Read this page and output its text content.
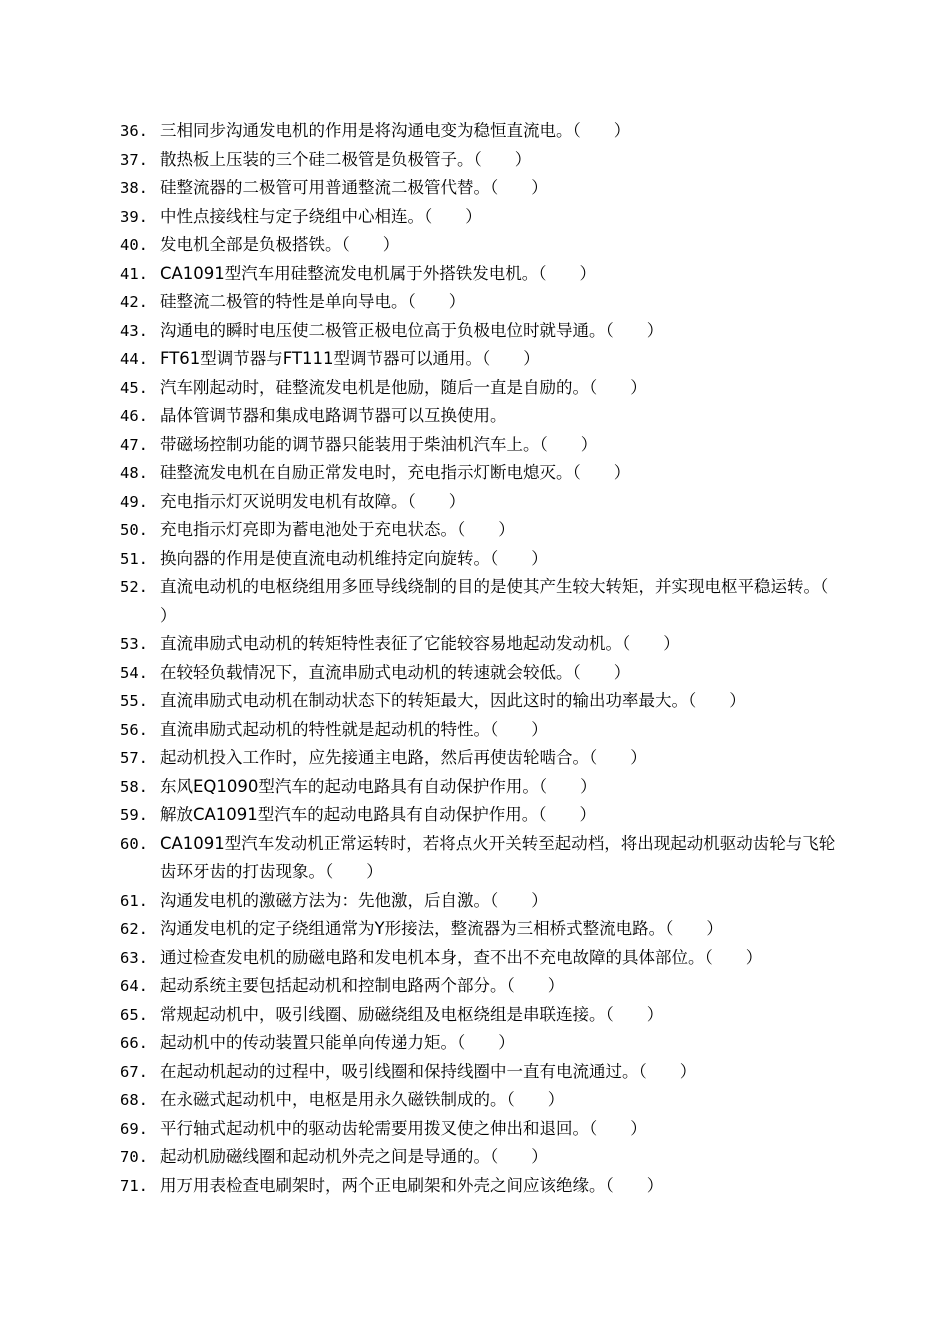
36. 三相同步沟通发电机的作用是将沟通电变为稳恒直流电。（　　）
37. 散热板上压装的三个硅二极管是负极管子。（　　）
38. 硅整流器的二极管可用普通整流二极管代替。（　　）
39. 中性点接线柱与定子绕组中心相连。（　　）
40. 发电机全部是负极搭铁。（　　）
41. CA1091型汽车用硅整流发电机属于外搭铁发电机。（　　）
42. 硅整流二极管的特性是单向导电。（　　）
43. 沟通电的瞬时电压使二极管正极电位高于负极电位时就导通。（　　）
44. FT61型调节器与FT111型调节器可以通用。（　　）
45. 汽车刚起动时，硅整流发电机是他励，随后一直是自励的。（　　）
46. 晶体管调节器和集成电路调节器可以互换使用。
47. 带磁场控制功能的调节器只能装用于柴油机汽车上。（　　）
48. 硅整流发电机在自励正常发电时，充电指示灯断电熄灭。（　　）
49. 充电指示灯灭说明发电机有故障。（　　）
50. 充电指示灯亮即为蓄电池处于充电状态。（　　）
51. 换向器的作用是使直流电动机维持定向旋转。（　　）
52. 直流电动机的电枢绕组用多匝导线绕制的目的是使其产生较大转矩，并实现电枢平稳运转。（　　）
53. 直流串励式电动机的转矩特性表征了它能较容易地起动发动机。（　　）
54. 在较轻负载情况下，直流串励式电动机的转速就会较低。（　　）
55. 直流串励式电动机在制动状态下的转矩最大，因此这时的输出功率最大。（　　）
56. 直流串励式起动机的特性就是起动机的特性。（　　）
57. 起动机投入工作时，应先接通主电路，然后再使齿轮啮合。（　　）
58. 东风EQ1090型汽车的起动电路具有自动保护作用。（　　）
59. 解放CA1091型汽车的起动电路具有自动保护作用。（　　）
60. CA1091型汽车发动机正常运转时，若将点火开关转至起动档，将出现起动机驱动齿轮与飞轮齿环牙齿的打齿现象。（　　）
61. 沟通发电机的激磁方法为：先他激，后自激。（　　）
62. 沟通发电机的定子绕组通常为Y形接法，整流器为三相桥式整流电路。（　　）
63. 通过检查发电机的励磁电路和发电机本身，查不出不充电故障的具体部位。（　　）
64. 起动系统主要包括起动机和控制电路两个部分。（　　）
65. 常规起动机中，吸引线圈、励磁绕组及电枢绕组是串联连接。（　　）
66. 起动机中的传动装置只能单向传递力矩。（　　）
67. 在起动机起动的过程中，吸引线圈和保持线圈中一直有电流通过。（　　）
68. 在永磁式起动机中，电枢是用永久磁铁制成的。（　　）
69. 平行轴式起动机中的驱动齿轮需要用拨叉使之伸出和退回。（　　）
70. 起动机励磁线圈和起动机外壳之间是导通的。（　　）
71. 用万用表检查电刷架时，两个正电刷架和外壳之间应该绝缘。（　　）
